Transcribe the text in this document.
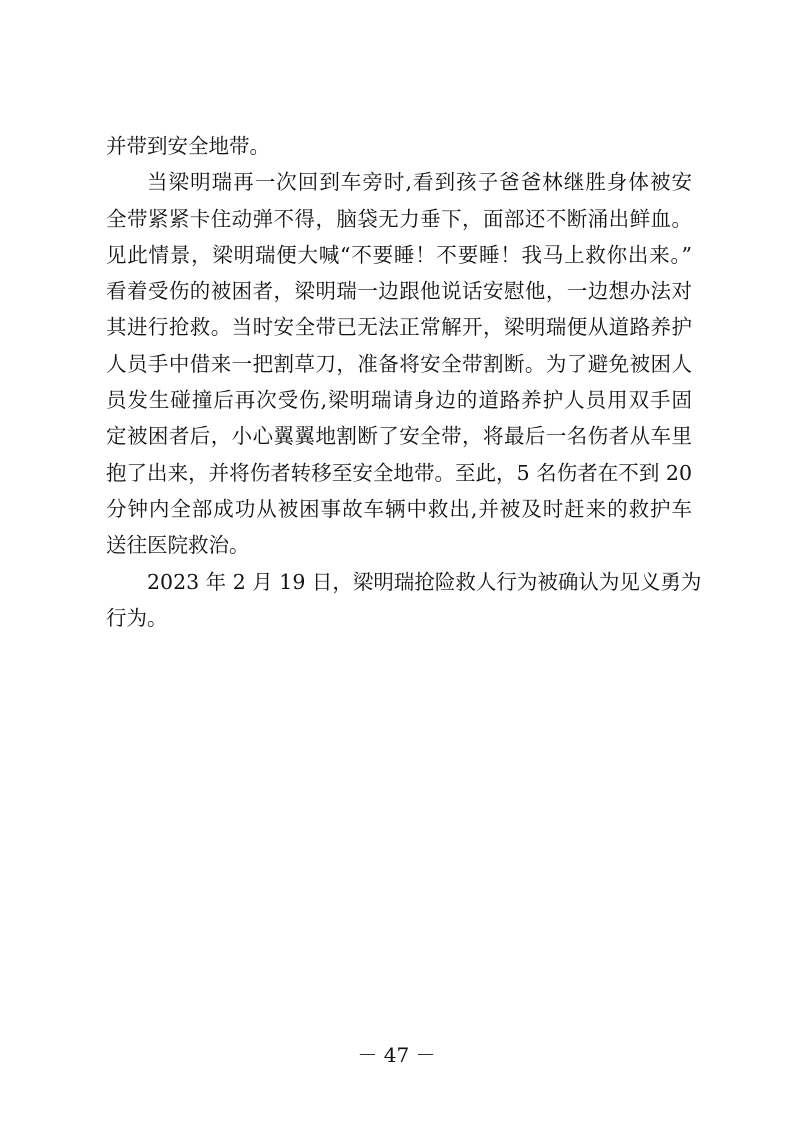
并带到安全地带。
当梁明瑞再一次回到车旁时,看到孩子爸爸林继胜身体被安
全带紧紧卡住动弹不得，脑袋无力垂下，面部还不断涌出鲜血。
见此情景，梁明瑞便大喊“不要睡！不要睡！我马上救你出来。”
看着受伤的被困者，梁明瑞一边跟他说话安慰他，一边想办法对
其进行抢救。当时安全带已无法正常解开，梁明瑞便从道路养护
人员手中借来一把割草刀，准备将安全带割断。为了避免被困人
员发生碰撞后再次受伤,梁明瑞请身边的道路养护人员用双手固
定被困者后，小心翼翼地割断了安全带，将最后一名伤者从车里
抱了出来，并将伤者转移至安全地带。至此，5 名伤者在不到 20
分钟内全部成功从被困事故车辆中救出,并被及时赶来的救护车
送往医院救治。
2023 年 2 月 19 日，梁明瑞抢险救人行为被确认为见义勇为
行为。
－ 47 －
